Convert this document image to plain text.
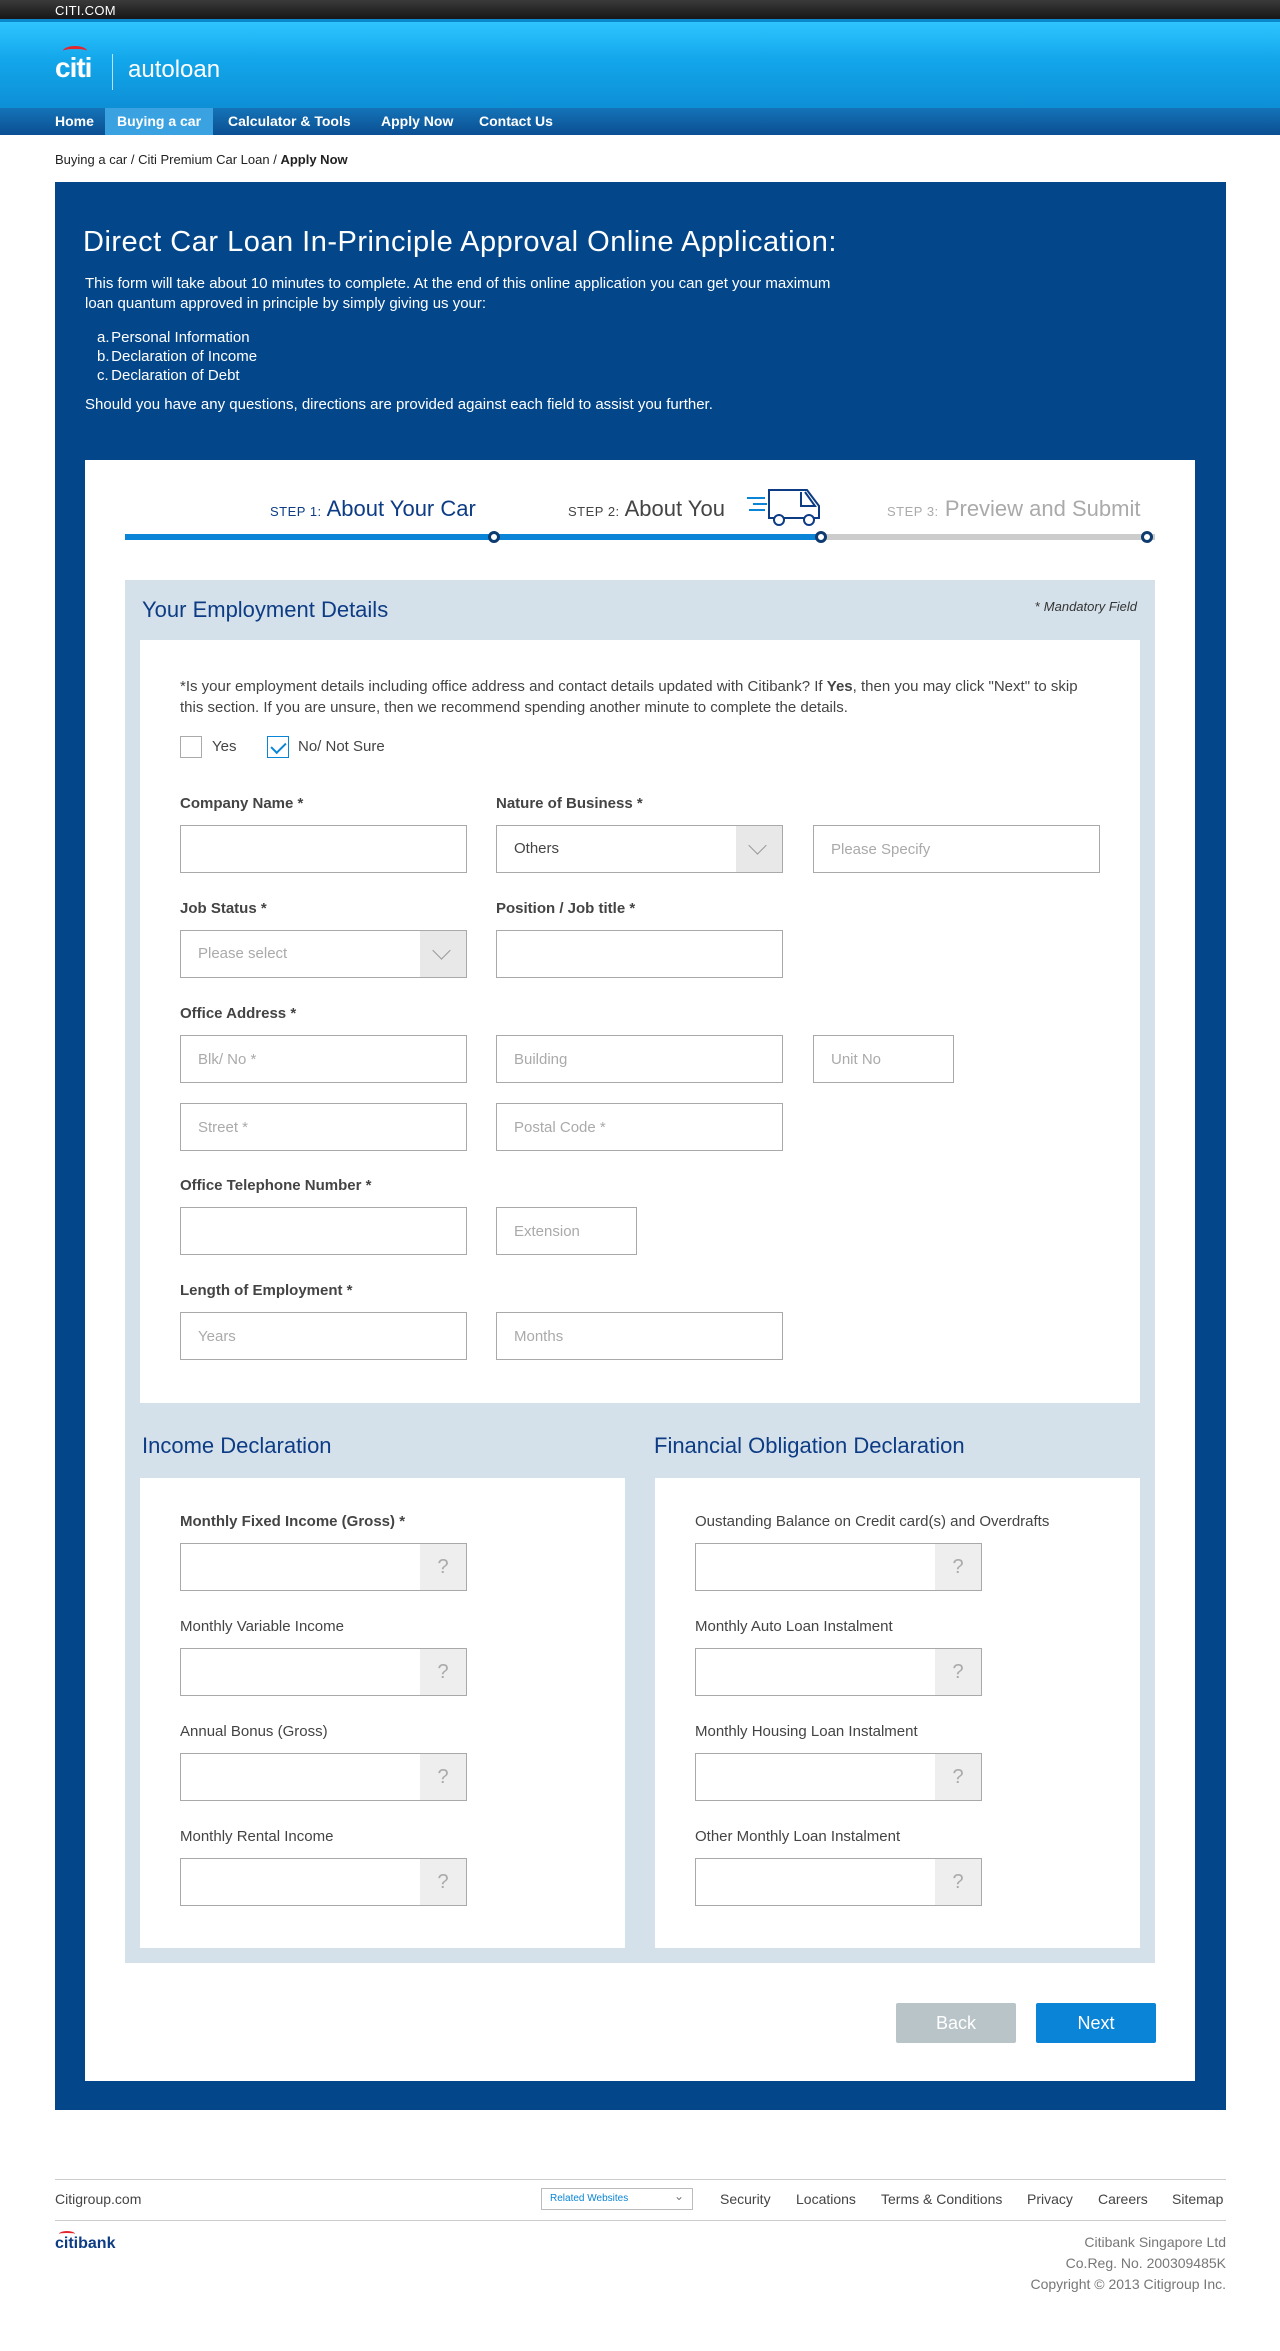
CITI.COM
citi autoloan
Home	Buying a car	Calculator & Tools	Apply Now	Contact Us
Buying a car / Citi Premium Car Loan / Apply Now
Direct Car Loan In-Principle Approval Online Application:

This form will take about 10 minutes to complete. At the end of this online application you can get your maximum loan quantum approved in principle by simply giving us your:

a. Personal Information
b. Declaration of Income
c. Declaration of Debt

Should you have any questions, directions are provided against each field to assist you further.

STEP 1: About Your Car	STEP 2: About You	STEP 3: Preview and Submit
Your Employment Details	* Mandatory Field
*Is your employment details including office address and contact details updated with Citibank? If Yes, then you may click "Next" to skip this section. If you are unsure, then we recommend spending another minute to complete the details.
Yes	No/ Not Sure
Company Name *	Nature of Business *
Others
Please Specify
Job Status *
Please select
Position / Job title *
Office Address *
Blk/ No *
Building
Unit No
Street *
Postal Code *
Office Telephone Number *
Extension
Length of Employment *
Years
Months
Income Declaration	Financial Obligation Declaration
Monthly Fixed Income (Gross) *
?
Monthly Variable Income
?
Annual Bonus (Gross)
?
Monthly Rental Income
?
Oustanding Balance on Credit card(s) and Overdrafts
?
Monthly Auto Loan Instalment
?
Monthly Housing Loan Instalment
?
Other Monthly Loan Instalment
?
Back	Next
Citigroup.com	Related Websites ⌄	Security Locations Terms & Conditions Privacy Careers Sitemap
citibank	Citibank Singapore Ltd
Co.Reg. No. 200309485K
Copyright © 2013 Citigroup Inc.
